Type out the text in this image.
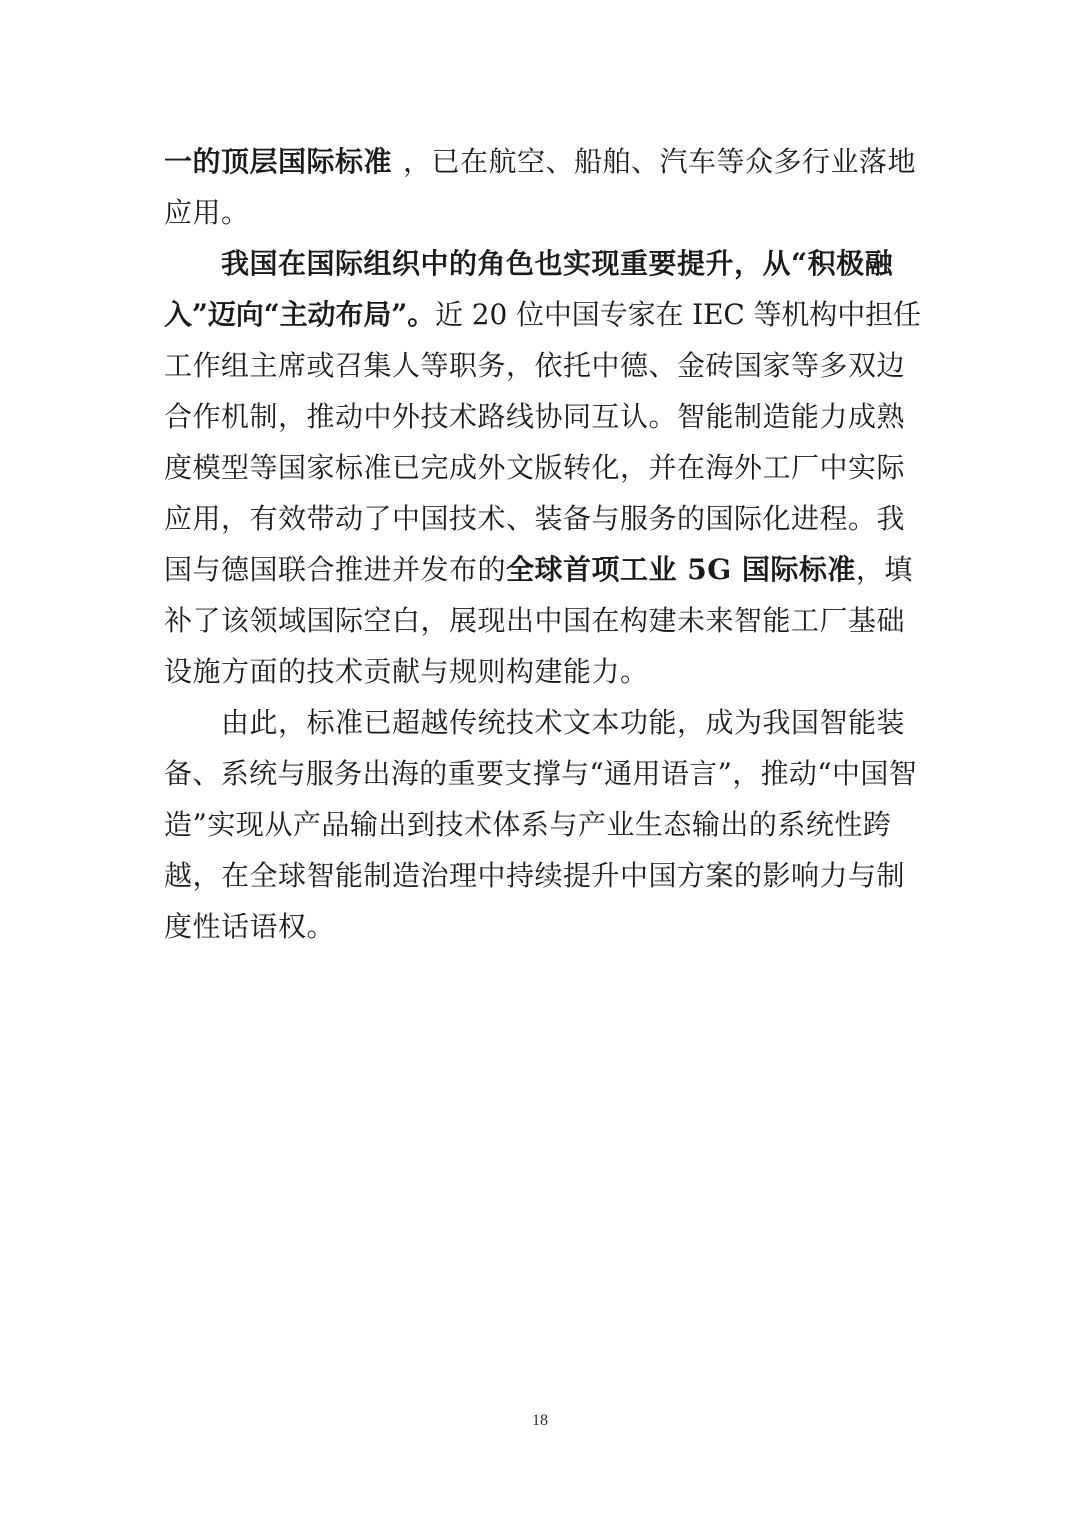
一的顶层国际标准 ，已在航空、船舶、汽车等众多行业落地
应用。
我国在国际组织中的角色也实现重要提升，从“积极融
入”迈向“主动布局”。近 20 位中国专家在 IEC 等机构中担任
工作组主席或召集人等职务，依托中德、金砖国家等多双边
合作机制，推动中外技术路线协同互认。智能制造能力成熟
度模型等国家标准已完成外文版转化，并在海外工厂中实际
应用，有效带动了中国技术、装备与服务的国际化进程。我
国与德国联合推进并发布的全球首项工业 5G 国际标准，填
补了该领域国际空白，展现出中国在构建未来智能工厂基础
设施方面的技术贡献与规则构建能力。
由此，标准已超越传统技术文本功能，成为我国智能装
备、系统与服务出海的重要支撑与“通用语言”，推动“中国智
造”实现从产品输出到技术体系与产业生态输出的系统性跨
越，在全球智能制造治理中持续提升中国方案的影响力与制
度性话语权。
18
